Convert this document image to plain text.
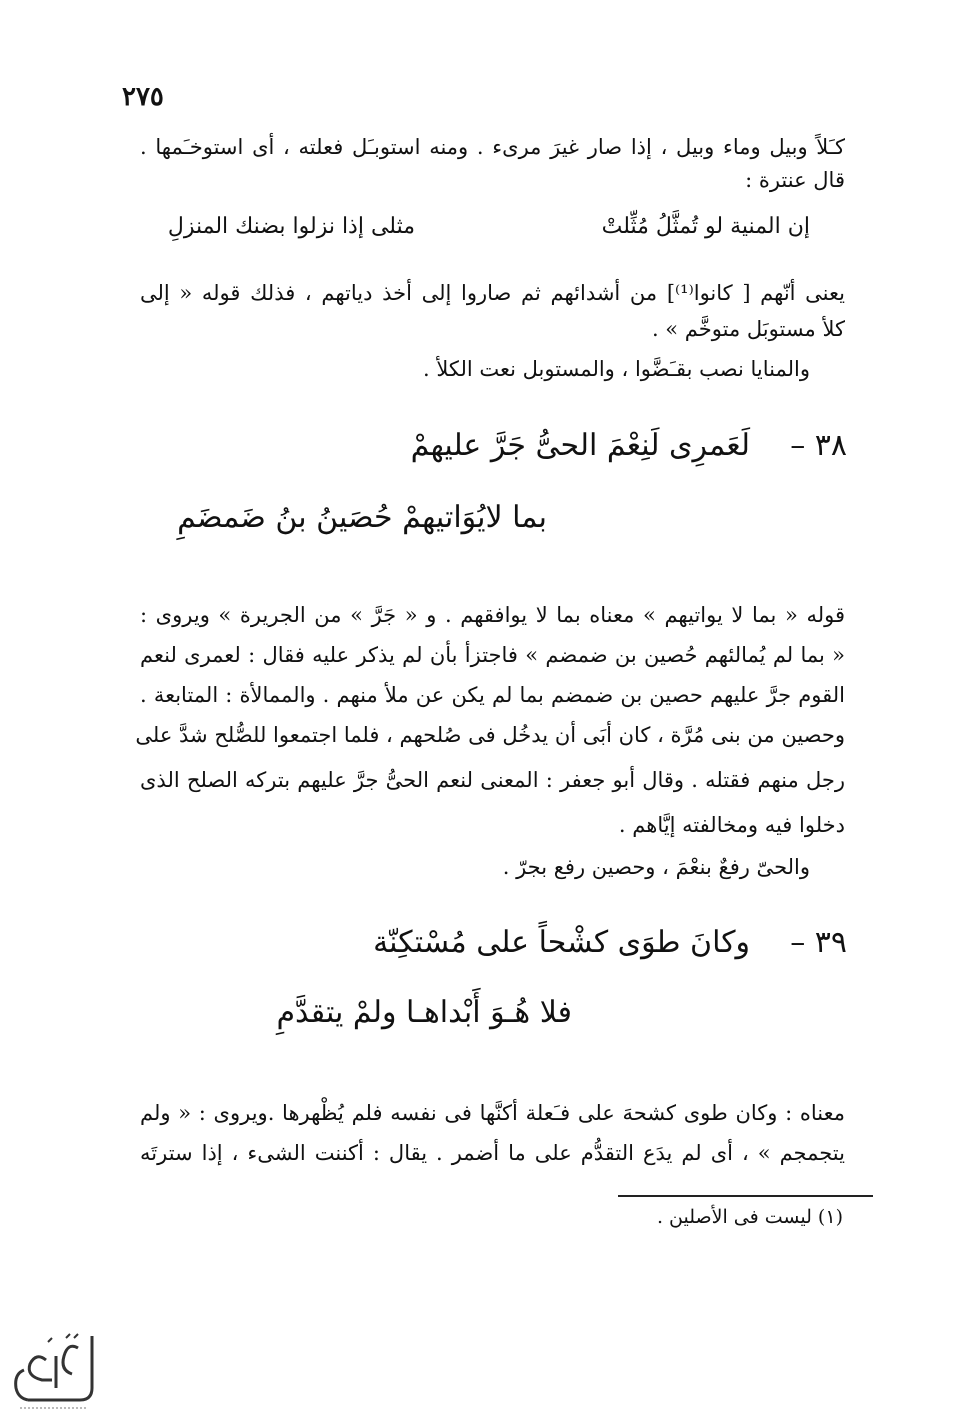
٢٧٥
كـَلاً وبيل وماء وبيل ، إذا صار غيرَ مرىء . ومنه استوبـَل فعلته ، أى استوخـَمها .
قال عنترة :
إن المنية لو تُمثَّلُ مُثِّلتْ
مثلى إذا نزلوا بضنك المنزلِ
يعنى أنّهم [ كانوا⁽¹⁾] من أشدائهم ثم صاروا إلى أخذ دياتهم ، فذلك قوله « إلى
كلأ مستوبَل متوخَّم » .
والمنايا نصب بقـَضَّوا ، والمستوبل نعت الكلأ .
٣٨ –
لَعَمرِى لَنِعْمَ الحىُّ جَرَّ عليهمْ
بما لايُوَاتيهمْ حُصَينُ بنُ ضَمضَمِ
قوله « بما لا يواتيهم » معناه بما لا يوافقهم . و « جَرَّ » من الجريرة » ويروى :
« بما لم يُمالئهم حُصين بن ضمضم » فاجتزأ بأن لم يذكر عليه فقال : لعمرى لنعم
القوم جرَّ عليهم حصين بن ضمضم بما لم يكن عن ملأ منهم . والممالأة : المتابعة .
وحصين من بنى مُرَّة ، كان أبَى أن يدخُل فى صُلحهم ، فلما اجتمعوا للصُّلح شدَّ على
رجل منهم فقتله . وقال أبو جعفر : المعنى لنعم الحىُّ جرَّ عليهم بتركه الصلح الذى
دخلوا فيه ومخالفته إيَّاهم .
والحىّ رفعٌ بنعْمَ ، وحصين رفع بجرّ .
٣٩ –
وكانَ طوَى كشْحاً على مُسْتكِنّة
فلا هُـوَ أَبْداهـا ولمْ يتقدَّمِ
معناه : وكان طوى كشحهَ على فـَعلة أكنَّها فى نفسه فلم يُظْهرها .ويروى : « ولم
يتجمجم » ، أى لم يدَع التقدُّم على ما أضمر . يقال : أكننت الشىء ، إذا سترتَه
(١) ليست فى الأصلين .
